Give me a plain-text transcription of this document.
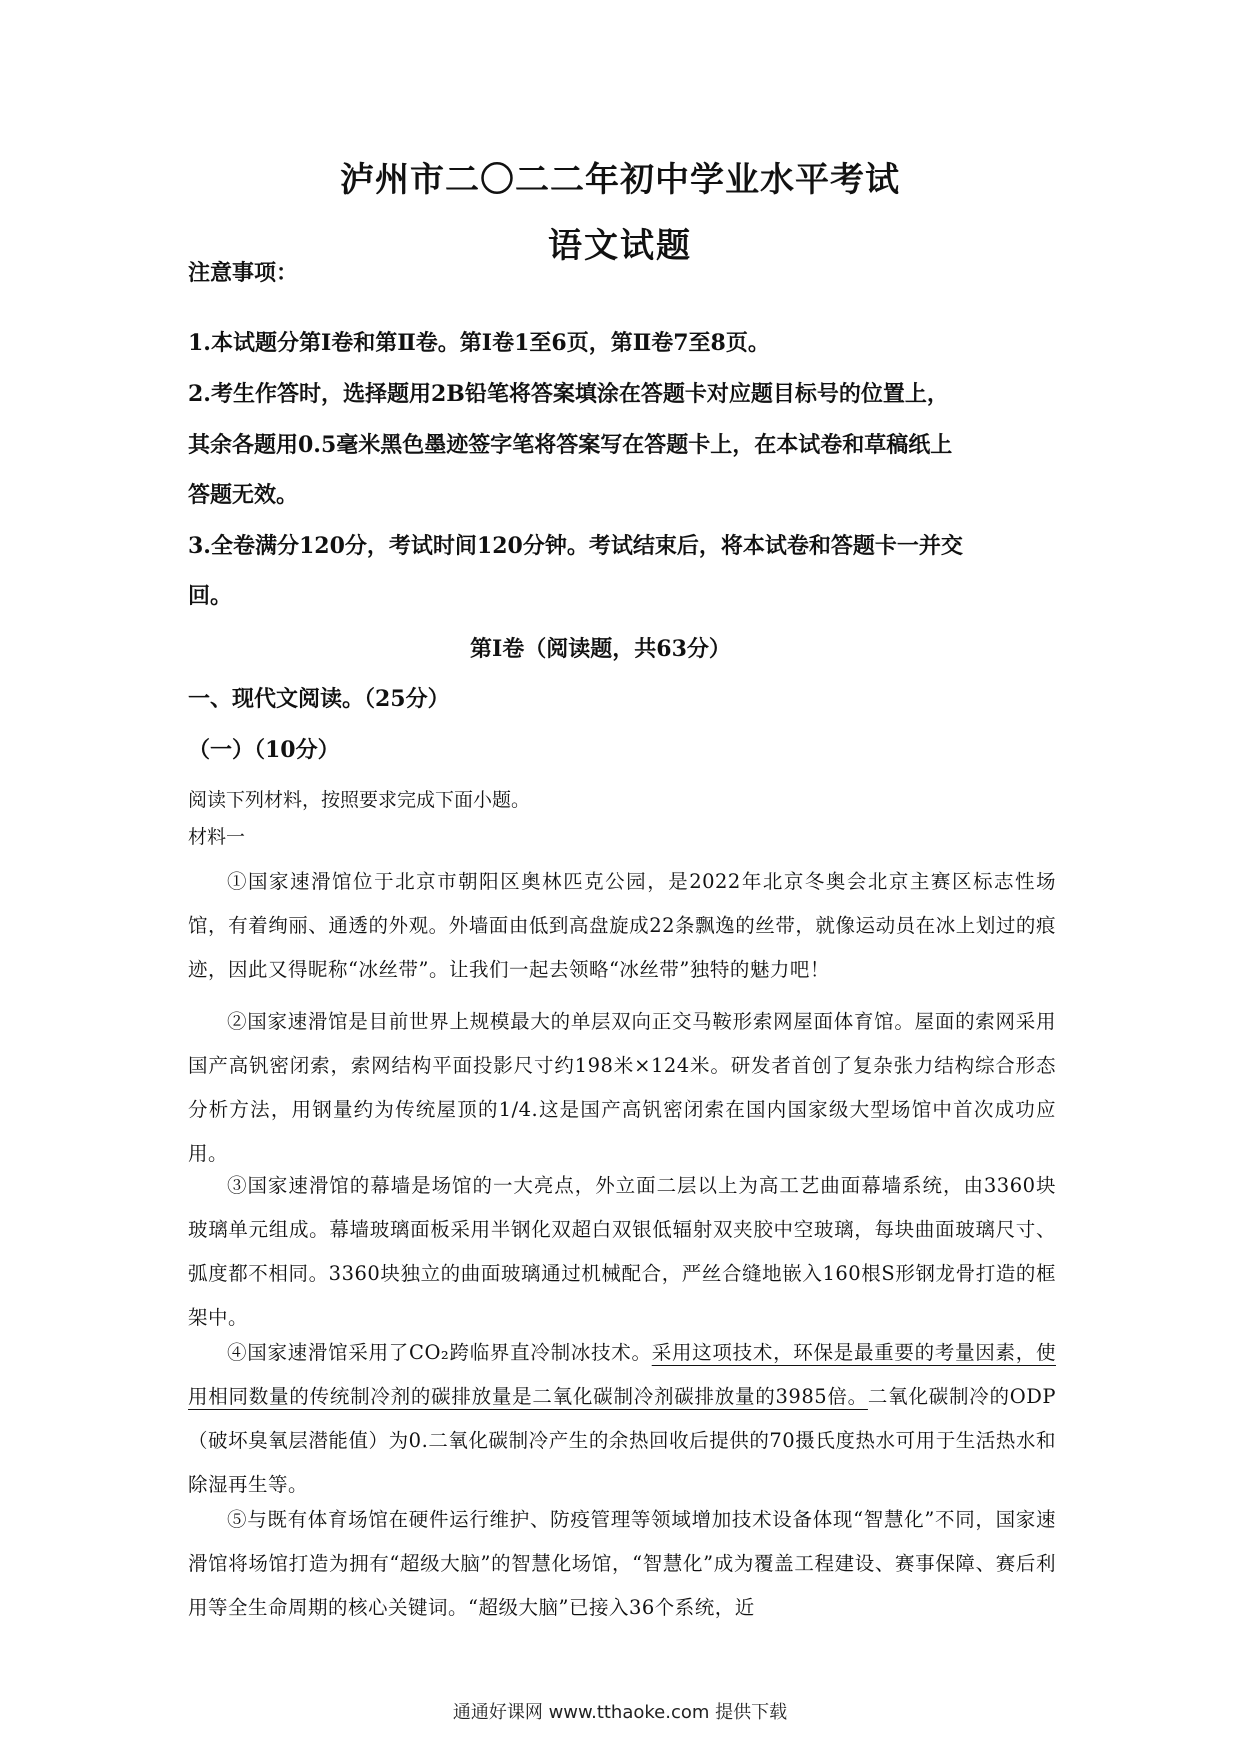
泸州市二〇二二年初中学业水平考试
语文试题
注意事项：
1.本试题分第Ⅰ卷和第Ⅱ卷。第Ⅰ卷1至6页，第Ⅱ卷7至8页。
2.考生作答时，选择题用2B铅笔将答案填涂在答题卡对应题目标号的位置上，
其余各题用0.5毫米黑色墨迹签字笔将答案写在答题卡上，在本试卷和草稿纸上
答题无效。
3.全卷满分120分，考试时间120分钟。考试结束后，将本试卷和答题卡一并交
回。
第Ⅰ卷（阅读题，共63分）
一、现代文阅读。（25分）
（一）（10分）
阅读下列材料，按照要求完成下面小题。
材料一
①国家速滑馆位于北京市朝阳区奥林匹克公园，是2022年北京冬奥会北京主赛区标志性场馆，有着绚丽、通透的外观。外墙面由低到高盘旋成22条飘逸的丝带，就像运动员在冰上划过的痕迹，因此又得昵称“冰丝带”。让我们一起去领略“冰丝带”独特的魅力吧！
②国家速滑馆是目前世界上规模最大的单层双向正交马鞍形索网屋面体育馆。屋面的索网采用国产高钒密闭索，索网结构平面投影尺寸约198米×124米。研发者首创了复杂张力结构综合形态分析方法，用钢量约为传统屋顶的1/4.这是国产高钒密闭索在国内国家级大型场馆中首次成功应用。
③国家速滑馆的幕墙是场馆的一大亮点，外立面二层以上为高工艺曲面幕墙系统，由3360块玻璃单元组成。幕墙玻璃面板采用半钢化双超白双银低辐射双夹胶中空玻璃，每块曲面玻璃尺寸、弧度都不相同。3360块独立的曲面玻璃通过机械配合，严丝合缝地嵌入160根S形钢龙骨打造的框架中。
④国家速滑馆采用了CO₂跨临界直冷制冰技术。采用这项技术，环保是最重要的考量因素，使用相同数量的传统制冷剂的碳排放量是二氧化碳制冷剂碳排放量的3985倍。二氧化碳制冷的ODP（破坏臭氧层潜能值）为0.二氧化碳制冷产生的余热回收后提供的70摄氏度热水可用于生活热水和除湿再生等。
⑤与既有体育场馆在硬件运行维护、防疫管理等领域增加技术设备体现“智慧化”不同，国家速滑馆将场馆打造为拥有“超级大脑”的智慧化场馆，“智慧化”成为覆盖工程建设、赛事保障、赛后利用等全生命周期的核心关键词。“超级大脑”已接入36个系统，近
通通好课网 www.tthaoke.com 提供下载
